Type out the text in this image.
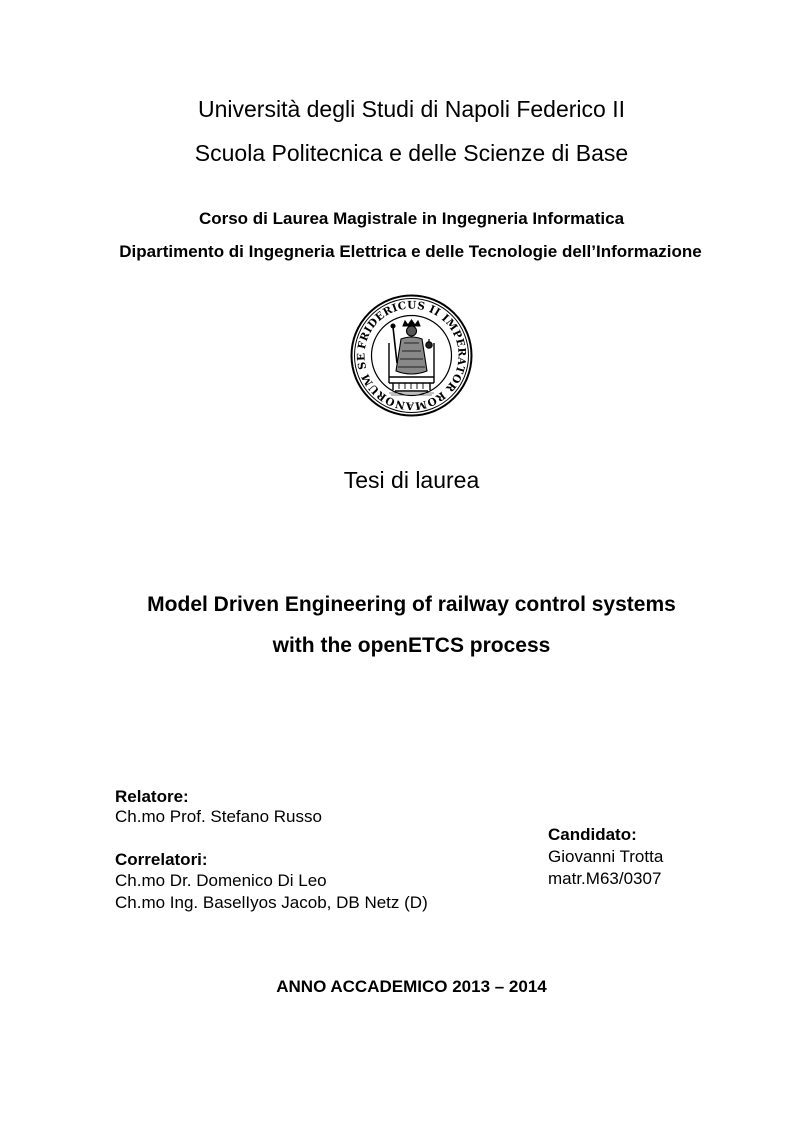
Università degli Studi di Napoli Federico II
Scuola Politecnica e delle Scienze di Base
Corso di Laurea Magistrale in Ingegneria Informatica
Dipartimento di Ingegneria Elettrica e delle Tecnologie dell’Informazione
FRIDERICUS II IMPERATOR ROMANORUM SE
Tesi di laurea
Model Driven Engineering of railway control systems
with the openETCS process
Relatore:
Ch.mo Prof. Stefano Russo
Correlatori:
Ch.mo Dr. Domenico Di Leo
Ch.mo Ing. BaselIyos Jacob, DB Netz (D)
Candidato:
Giovanni Trotta
matr.M63/0307
ANNO ACCADEMICO 2013 – 2014
